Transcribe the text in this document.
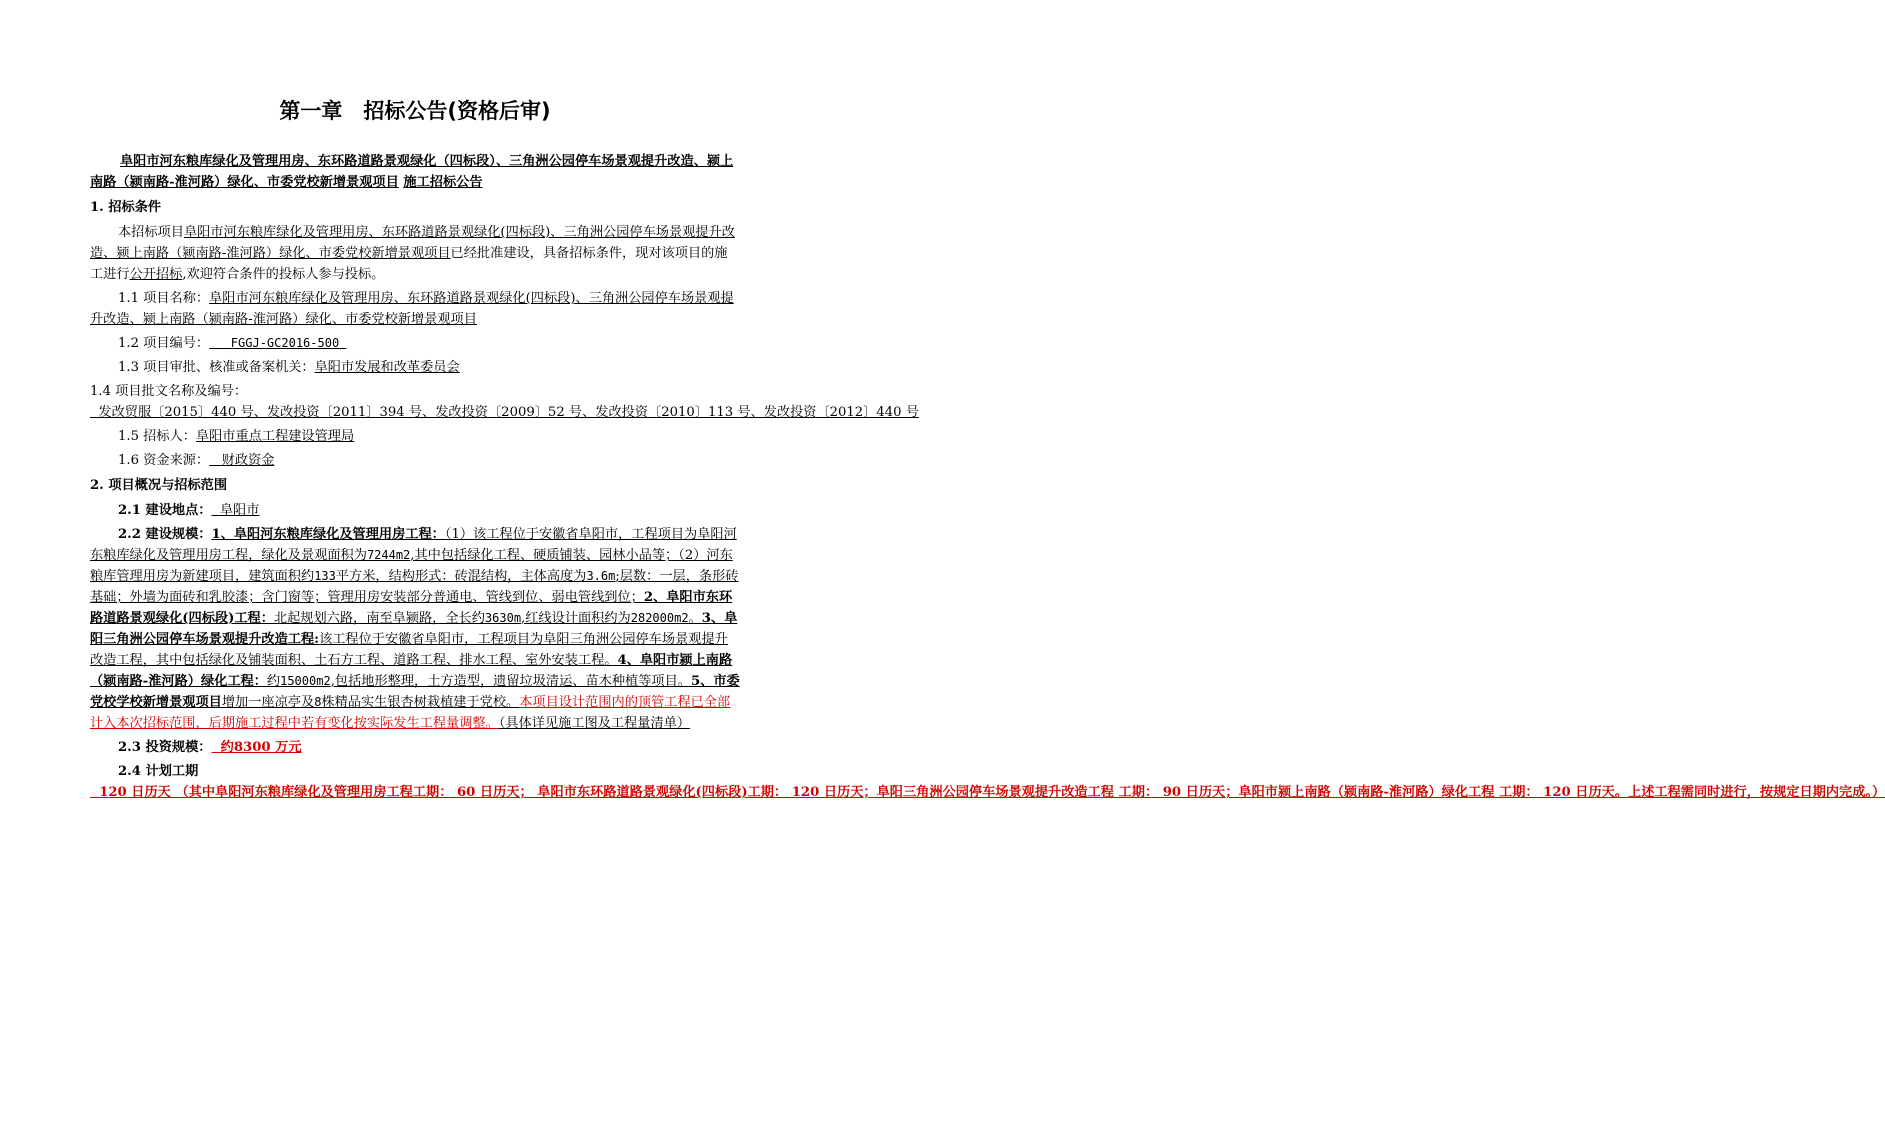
第一章　招标公告(资格后审)

阜阳市河东粮库绿化及管理用房、东环路道路景观绿化（四标段）、三角洲公园停车场景观提升改造、颍上南路（颍南路-淮河路）绿化、市委党校新增景观项目 施工招标公告

1. 招标条件

本招标项目阜阳市河东粮库绿化及管理用房、东环路道路景观绿化(四标段)、三角洲公园停车场景观提升改造、颍上南路（颍南路-淮河路）绿化、市委党校新增景观项目已经批准建设，具备招标条件，现对该项目的施工进行公开招标,欢迎符合条件的投标人参与投标。

1.1 项目名称：阜阳市河东粮库绿化及管理用房、东环路道路景观绿化(四标段)、三角洲公园停车场景观提升改造、颍上南路（颍南路-淮河路）绿化、市委党校新增景观项目

1.2 项目编号： FGGJ-GC2016-500

1.3 项目审批、核准或备案机关：阜阳市发展和改革委员会

1.4 项目批文名称及编号：  发改贸服〔2015〕440 号、发改投资〔2011〕394 号、发改投资〔2009〕52 号、发改投资〔2010〕113 号、发改投资〔2012〕440 号

1.5 招标人：阜阳市重点工程建设管理局

1.6 资金来源： 财政资金

2. 项目概况与招标范围

2.1 建设地点： 阜阳市

2.2 建设规模：1、阜阳河东粮库绿化及管理用房工程：（1）该工程位于安徽省阜阳市，工程项目为阜阳河东粮库绿化及管理用房工程，绿化及景观面积为7244m2,其中包括绿化工程、硬质铺装、园林小品等；（2）河东粮库管理用房为新建项目，建筑面积约133平方米，结构形式：砖混结构，主体高度为3.6m;层数：一层，条形砖基础；外墙为面砖和乳胶漆；含门窗等；管理用房安装部分普通电、管线到位、弱电管线到位；2、阜阳市东环路道路景观绿化(四标段)工程：北起规划六路，南至阜颍路，全长约3630m,红线设计面积约为282000m2。3、阜阳三角洲公园停车场景观提升改造工程:该工程位于安徽省阜阳市，工程项目为阜阳三角洲公园停车场景观提升改造工程，其中包括绿化及铺装面积、土石方工程、道路工程、排水工程、室外安装工程。4、阜阳市颍上南路（颍南路-淮河路）绿化工程：约15000m2,包括地形整理，土方造型，遗留垃圾清运、苗木种植等项目。5、市委党校学校新增景观项目增加一座凉亭及8株精品实生银杏树栽植建于党校。本项目设计范围内的顶管工程已全部计入本次招标范围，后期施工过程中若有变化按实际发生工程量调整。（具体详见施工图及工程量清单）

2.3 投资规模： 约8300 万元

2.4 计划工期  120 日历天 （其中阜阳河东粮库绿化及管理用房工程工期： 60 日历天； 阜阳市东环路道路景观绿化(四标段)工期： 120 日历天；阜阳三角洲公园停车场景观提升改造工程 工期： 90 日历天；阜阳市颍上南路（颍南路-淮河路）绿化工程 工期： 120 日历天。上述工程需同时进行，按规定日期内完成。）
